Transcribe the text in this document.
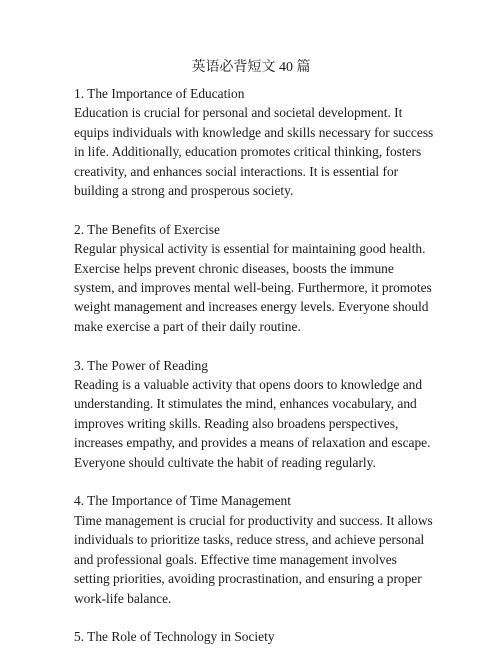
英语必背短文 40 篇
1. The Importance of Education
Education is crucial for personal and societal development. It equips individuals with knowledge and skills necessary for success in life. Additionally, education promotes critical thinking, fosters creativity, and enhances social interactions. It is essential for building a strong and prosperous society.
2. The Benefits of Exercise
Regular physical activity is essential for maintaining good health. Exercise helps prevent chronic diseases, boosts the immune system, and improves mental well-being. Furthermore, it promotes weight management and increases energy levels. Everyone should make exercise a part of their daily routine.
3. The Power of Reading
Reading is a valuable activity that opens doors to knowledge and understanding. It stimulates the mind, enhances vocabulary, and improves writing skills. Reading also broadens perspectives, increases empathy, and provides a means of relaxation and escape. Everyone should cultivate the habit of reading regularly.
4. The Importance of Time Management
Time management is crucial for productivity and success. It allows individuals to prioritize tasks, reduce stress, and achieve personal and professional goals. Effective time management involves setting priorities, avoiding procrastination, and ensuring a proper work-life balance.
5. The Role of Technology in Society
